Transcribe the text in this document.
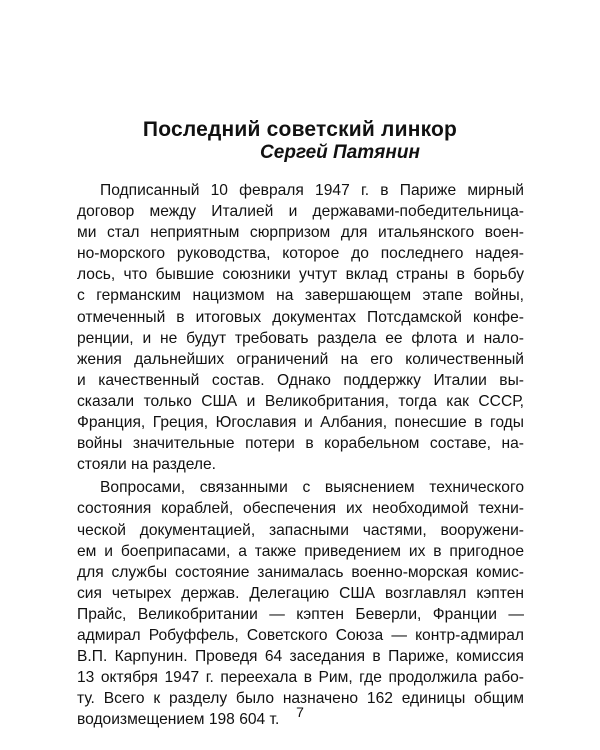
Последний советский линкор
Сергей Патянин

Подписанный 10 февраля 1947 г. в Париже мирный
договор между Италией и державами-победительница-
ми стал неприятным сюрпризом для итальянского воен-
но-морского руководства, которое до последнего надея-
лось, что бывшие союзники учтут вклад страны в борьбу
с германским нацизмом на завершающем этапе войны,
отмеченный в итоговых документах Потсдамской конфе-
ренции, и не будут требовать раздела ее флота и нало-
жения дальнейших ограничений на его количественный
и качественный состав. Однако поддержку Италии вы-
сказали только США и Великобритания, тогда как СССР,
Франция, Греция, Югославия и Албания, понесшие в годы
войны значительные потери в корабельном составе, на-
стояли на разделе.

Вопросами, связанными с выяснением технического
состояния кораблей, обеспечения их необходимой техни-
ческой документацией, запасными частями, вооружени-
ем и боеприпасами, а также приведением их в пригодное
для службы состояние занималась военно-морская комис-
сия четырех держав. Делегацию США возглавлял кэптен
Прайс, Великобритании — кэптен Беверли, Франции —
адмирал Робуффель, Советского Союза — контр-адмирал
В.П. Карпунин. Проведя 64 заседания в Париже, комиссия
13 октября 1947 г. переехала в Рим, где продолжила рабо-
ту. Всего к разделу было назначено 162 единицы общим
водоизмещением 198 604 т.	7
